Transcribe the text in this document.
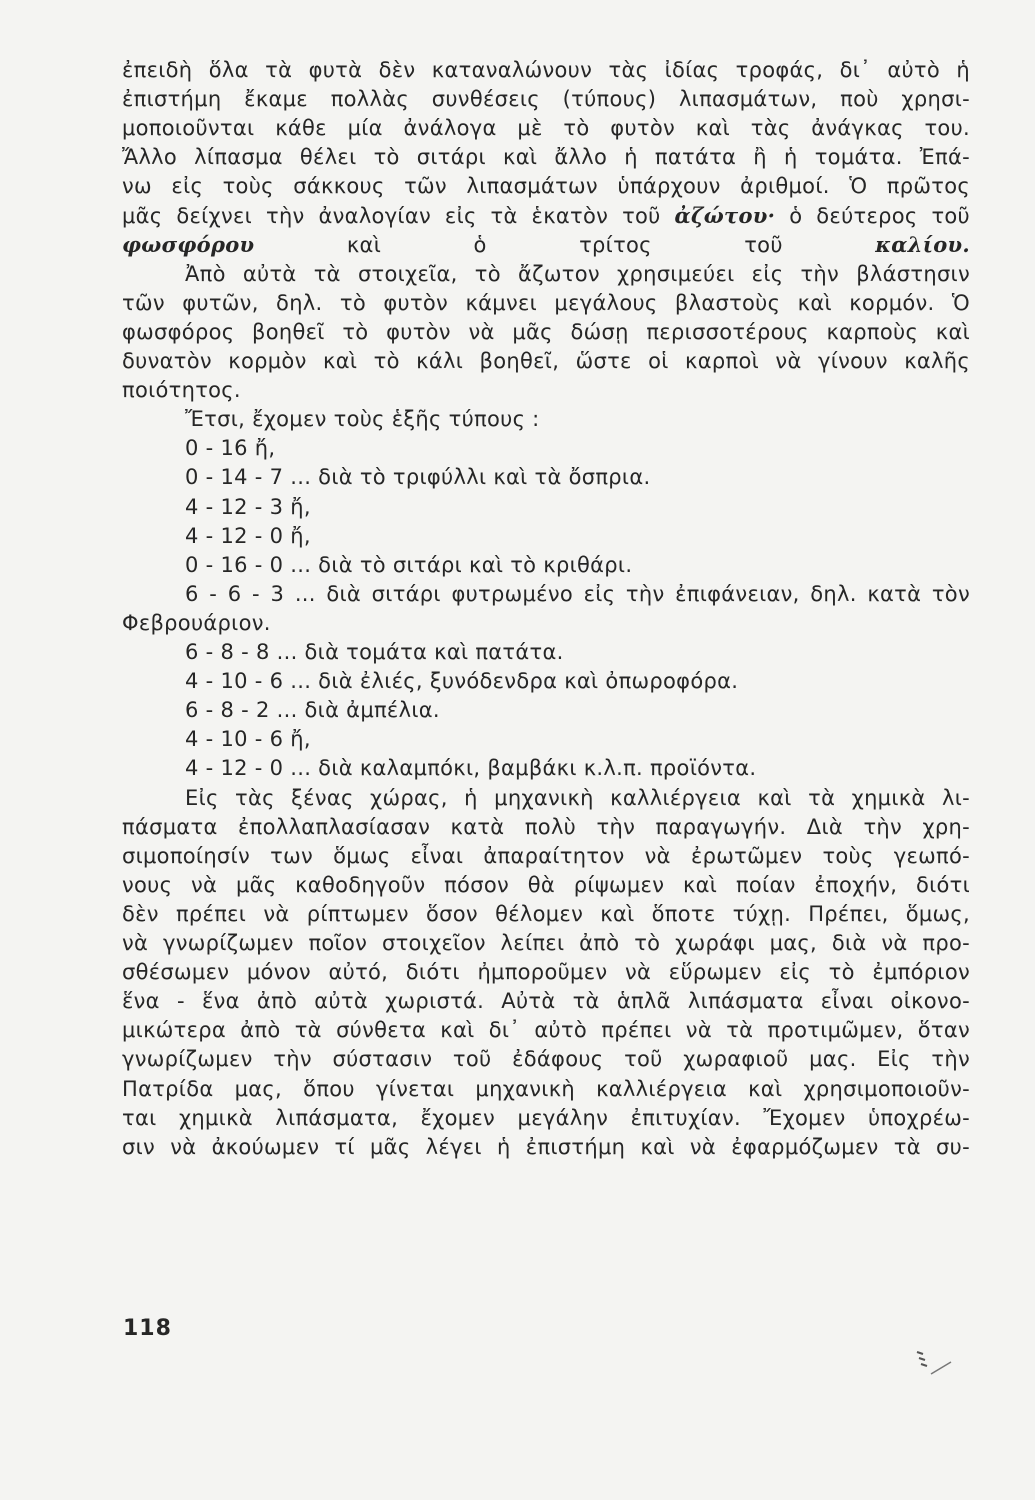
ἐπειδὴ ὅλα τὰ φυτὰ δὲν καταναλώνουν τὰς ἰδίας τροφάς, δι᾽ αὐτὸ ἡ
ἐπιστήμη ἔκαμε πολλὰς συνθέσεις (τύπους) λιπασμάτων, ποὺ χρησι-
μοποιοῦνται κάθε μία ἀνάλογα μὲ τὸ φυτὸν καὶ τὰς ἀνάγκας του.
Ἄλλο λίπασμα θέλει τὸ σιτάρι καὶ ἄλλο ἡ πατάτα ἢ ἡ τομάτα. Ἐπά-
νω εἰς τοὺς σάκκους τῶν λιπασμάτων ὑπάρχουν ἀριθμοί. Ὁ πρῶτος
μᾶς δείχνει τὴν ἀναλογίαν εἰς τὰ ἑκατὸν τοῦ ἀζώτου· ὁ δεύτερος τοῦ
φωσφόρου καὶ ὁ τρίτος τοῦ καλίου.
Ἀπὸ αὐτὰ τὰ στοιχεῖα, τὸ ἄζωτον χρησιμεύει εἰς τὴν βλάστησιν
τῶν φυτῶν, δηλ. τὸ φυτὸν κάμνει μεγάλους βλαστοὺς καὶ κορμόν. Ὁ
φωσφόρος βοηθεῖ τὸ φυτὸν νὰ μᾶς δώσῃ περισσοτέρους καρποὺς καὶ
δυνατὸν κορμὸν καὶ τὸ κάλι βοηθεῖ, ὥστε οἱ καρποὶ νὰ γίνουν καλῆς
ποιότητος.
Ἔτσι, ἔχομεν τοὺς ἑξῆς τύπους :
0 - 16 ἤ,
0 - 14 - 7 ... διὰ τὸ τριφύλλι καὶ τὰ ὄσπρια.
4 - 12 - 3 ἤ,
4 - 12 - 0 ἤ,
0 - 16 - 0 ... διὰ τὸ σιτάρι καὶ τὸ κριθάρι.
6 - 6 - 3 ... διὰ σιτάρι φυτρωμένο εἰς τὴν ἐπιφάνειαν, δηλ. κατὰ τὸν
Φεβρουάριον.
6 - 8 - 8 ... διὰ τομάτα καὶ πατάτα.
4 - 10 - 6 ... διὰ ἐλιές, ξυνόδενδρα καὶ ὀπωροφόρα.
6 - 8 - 2 ... διὰ ἀμπέλια.
4 - 10 - 6 ἤ,
4 - 12 - 0 ... διὰ καλαμπόκι, βαμβάκι κ.λ.π. προϊόντα.
Εἰς τὰς ξένας χώρας, ἡ μηχανικὴ καλλιέργεια καὶ τὰ χημικὰ λι-
πάσματα ἐπολλαπλασίασαν κατὰ πολὺ τὴν παραγωγήν. Διὰ τὴν χρη-
σιμοποίησίν των ὅμως εἶναι ἀπαραίτητον νὰ ἐρωτῶμεν τοὺς γεωπό-
νους νὰ μᾶς καθοδηγοῦν πόσον θὰ ρίψωμεν καὶ ποίαν ἐποχήν, διότι
δὲν πρέπει νὰ ρίπτωμεν ὅσον θέλομεν καὶ ὅποτε τύχῃ. Πρέπει, ὅμως,
νὰ γνωρίζωμεν ποῖον στοιχεῖον λείπει ἀπὸ τὸ χωράφι μας, διὰ νὰ προ-
σθέσωμεν μόνον αὐτό, διότι ἠμποροῦμεν νὰ εὕρωμεν εἰς τὸ ἐμπόριον
ἕνα - ἕνα ἀπὸ αὐτὰ χωριστά. Αὐτὰ τὰ ἁπλᾶ λιπάσματα εἶναι οἰκονο-
μικώτερα ἀπὸ τὰ σύνθετα καὶ δι᾽ αὐτὸ πρέπει νὰ τὰ προτιμῶμεν, ὅταν
γνωρίζωμεν τὴν σύστασιν τοῦ ἐδάφους τοῦ χωραφιοῦ μας. Εἰς τὴν
Πατρίδα μας, ὅπου γίνεται μηχανικὴ καλλιέργεια καὶ χρησιμοποιοῦν-
ται χημικὰ λιπάσματα, ἔχομεν μεγάλην ἐπιτυχίαν. Ἔχομεν ὑποχρέω-
σιν νὰ ἀκούωμεν τί μᾶς λέγει ἡ ἐπιστήμη καὶ νὰ ἐφαρμόζωμεν τὰ συ-
118
